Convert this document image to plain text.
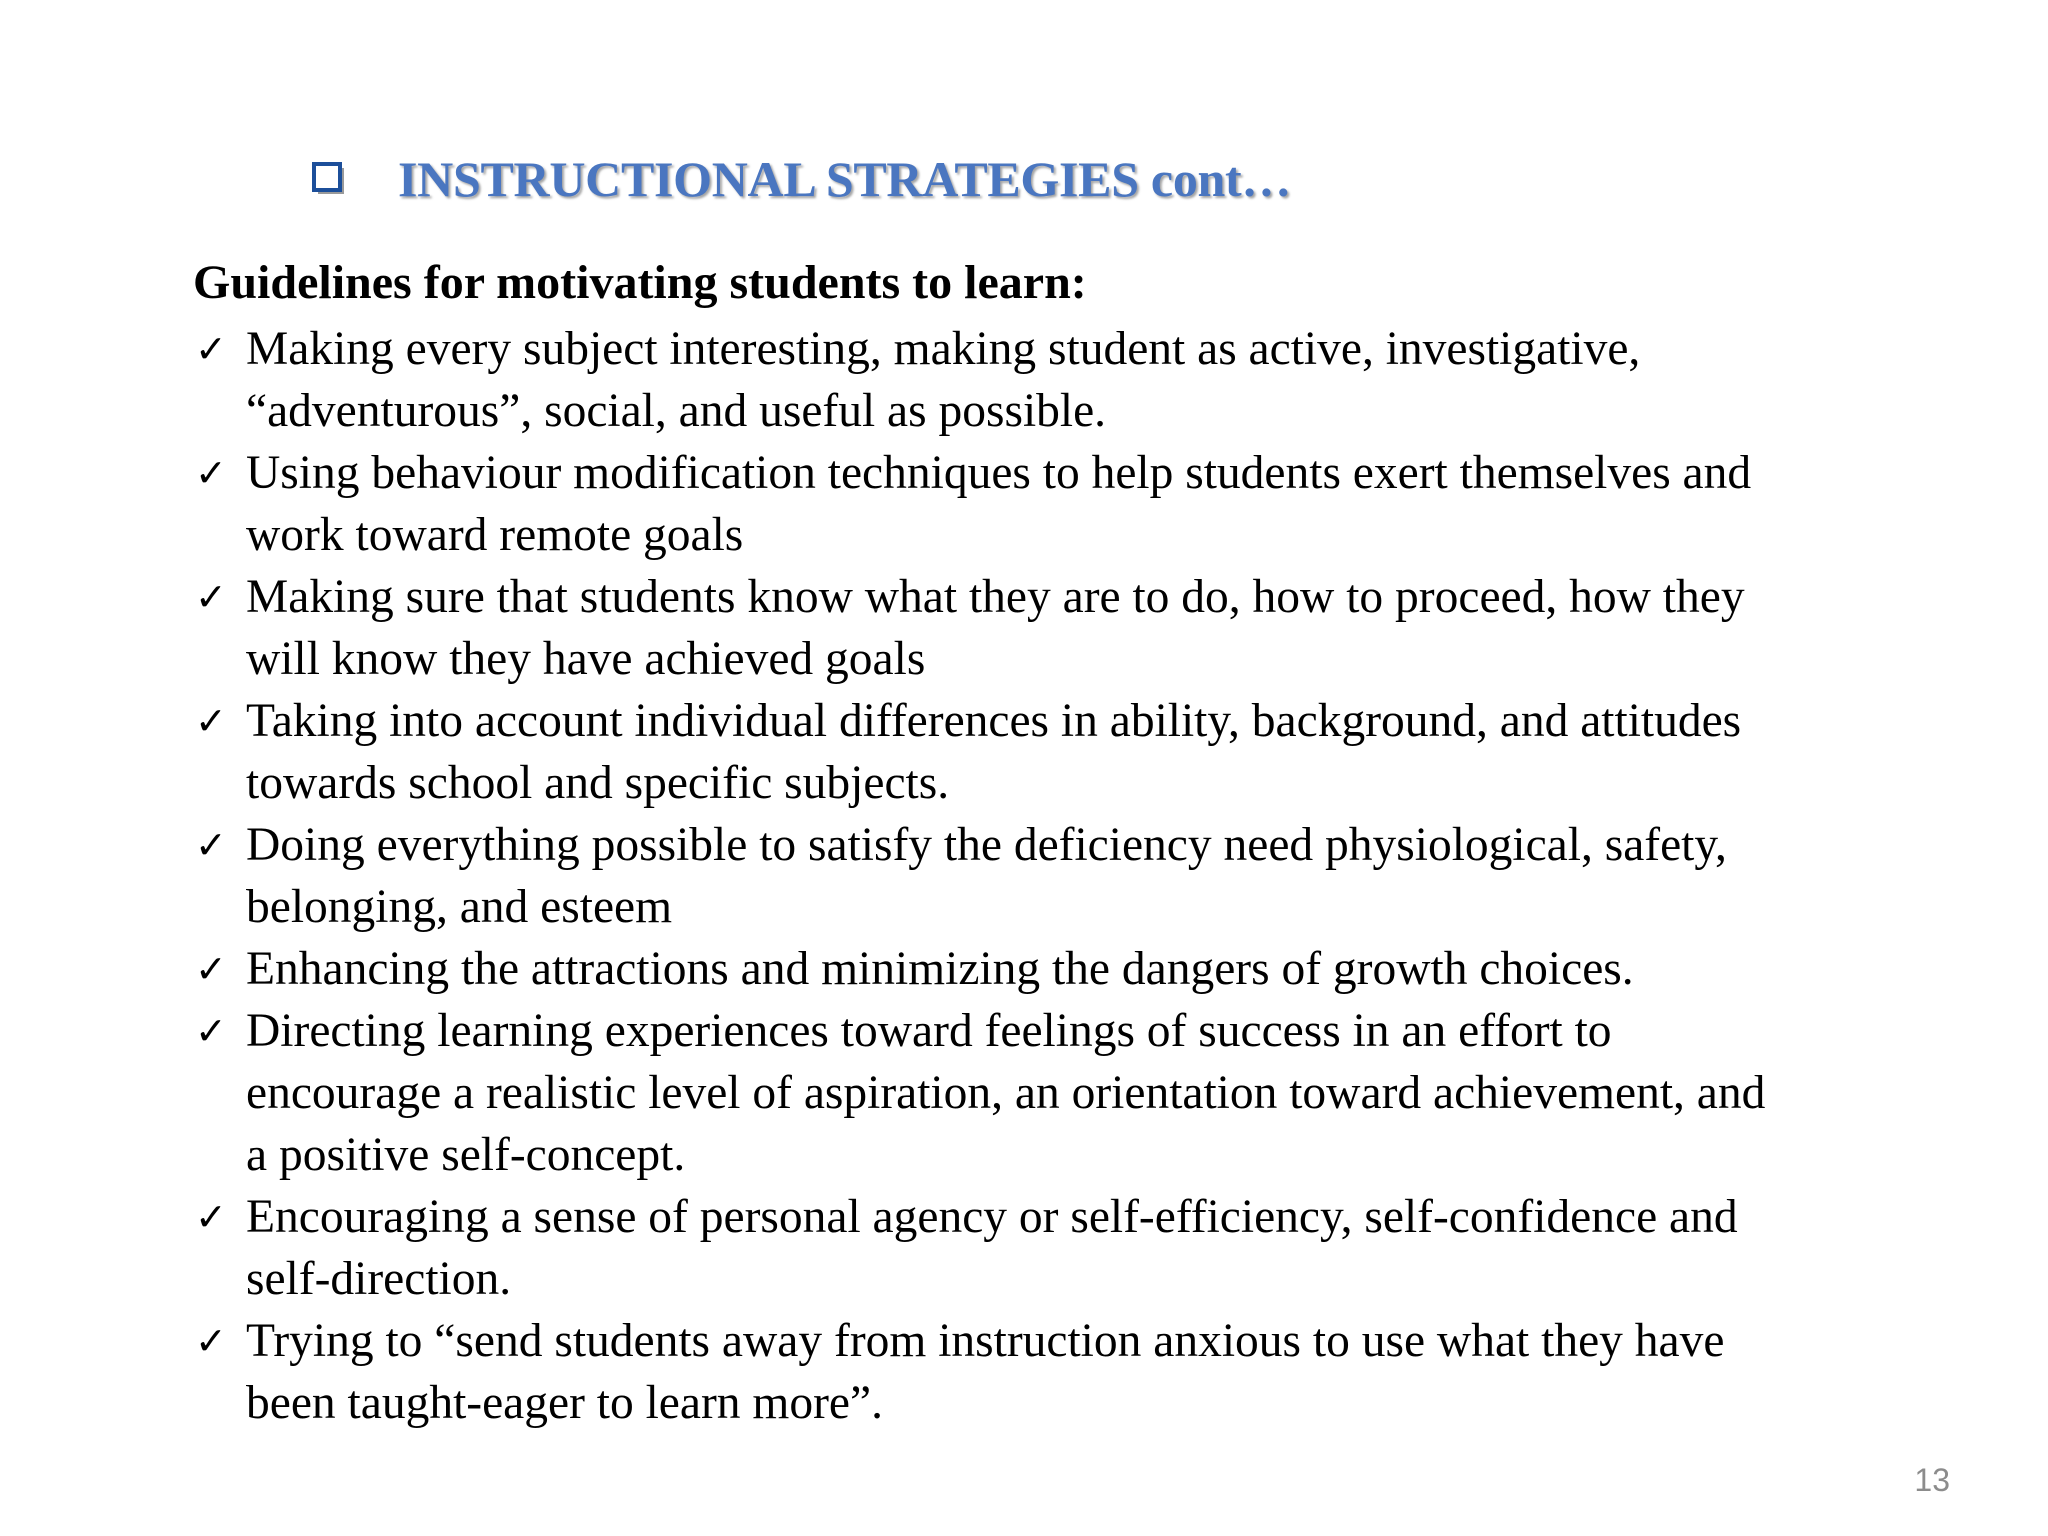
INSTRUCTIONAL STRATEGIES cont…
Guidelines for motivating students to learn:
✓ Making every subject interesting, making student as active, investigative,
“adventurous”, social, and useful as possible.
✓ Using behaviour modification techniques to help students exert themselves and
work toward remote goals
✓ Making sure that students know what they are to do, how to proceed, how they
will know they have achieved goals
✓ Taking into account individual differences in ability, background, and attitudes
towards school and specific subjects.
✓ Doing everything possible to satisfy the deficiency need physiological, safety,
belonging, and esteem
✓ Enhancing the attractions and minimizing the dangers of growth choices.
✓ Directing learning experiences toward feelings of success in an effort to
encourage a realistic level of aspiration, an orientation toward achievement, and
a positive self-concept.
✓ Encouraging a sense of personal agency or self-efficiency, self-confidence and
self-direction.
✓ Trying to “send students away from instruction anxious to use what they have
been taught-eager to learn more”.
13
